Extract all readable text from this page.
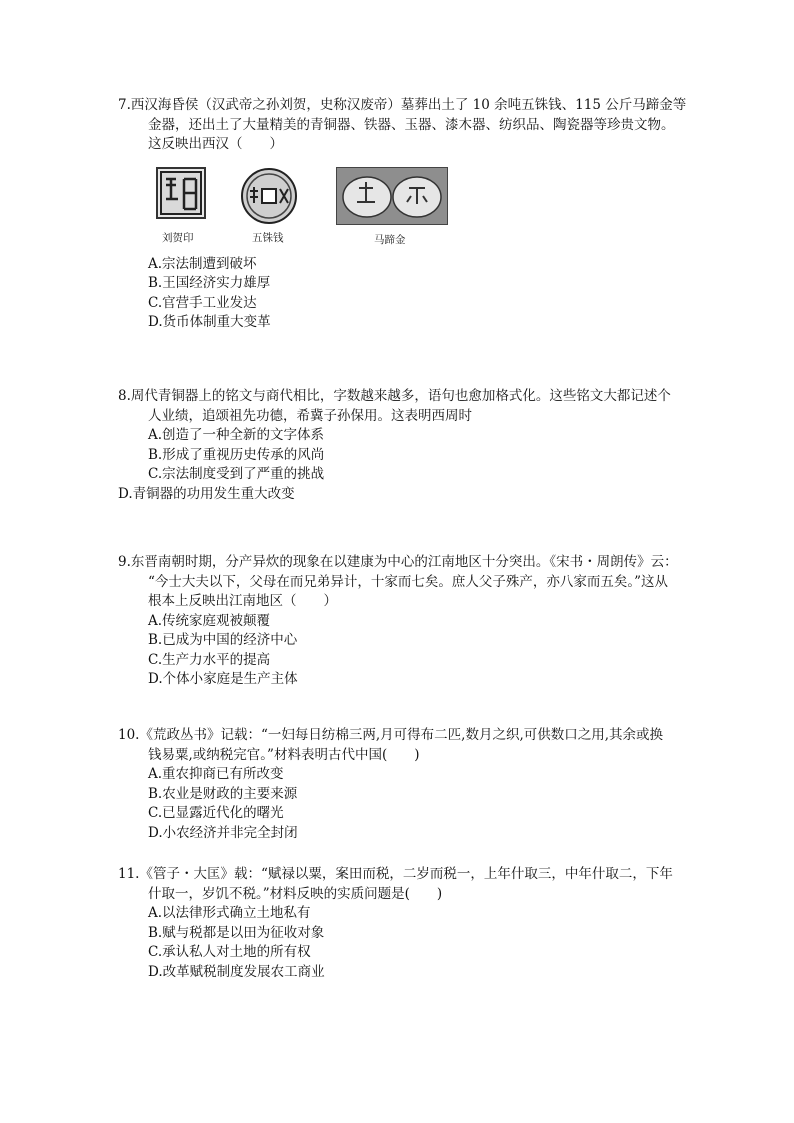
7.西汉海昏侯（汉武帝之孙刘贺，史称汉废帝）墓葬出土了 10 余吨五铢钱、115 公斤马蹄金等
金器，还出土了大量精美的青铜器、铁器、玉器、漆木器、纺织品、陶瓷器等珍贵文物。
这反映出西汉（　　）
刘贺印	五铢钱	马蹄金
A.宗法制遭到破坏
B.王国经济实力雄厚
C.官营手工业发达
D.货币体制重大变革
8.周代青铜器上的铭文与商代相比，字数越来越多，语句也愈加格式化。这些铭文大都记述个
人业绩，追颂祖先功德，希冀子孙保用。这表明西周时
A.创造了一种全新的文字体系
B.形成了重视历史传承的风尚
C.宗法制度受到了严重的挑战
D.青铜器的功用发生重大改变
9.东晋南朝时期，分产异炊的现象在以建康为中心的江南地区十分突出。《宋书・周朗传》云：
“今士大夫以下，父母在而兄弟异计，十家而七矣。庶人父子殊产，亦八家而五矣。”这从
根本上反映出江南地区（　　）
A.传统家庭观被颠覆
B.已成为中国的经济中心
C.生产力水平的提高
D.个体小家庭是生产主体
10.《荒政丛书》记载：“一妇每日纺棉三两,月可得布二匹,数月之织,可供数口之用,其余或换
钱易粟,或纳税完官。”材料表明古代中国(　　)
A.重农抑商已有所改变
B.农业是财政的主要来源
C.已显露近代化的曙光
D.小农经济并非完全封闭
11.《管子・大匡》载：“赋禄以粟，案田而税，二岁而税一，上年什取三，中年什取二，下年
什取一，岁饥不税。”材料反映的实质问题是(　　)
A.以法律形式确立土地私有
B.赋与税都是以田为征收对象
C.承认私人对土地的所有权
D.改革赋税制度发展农工商业
